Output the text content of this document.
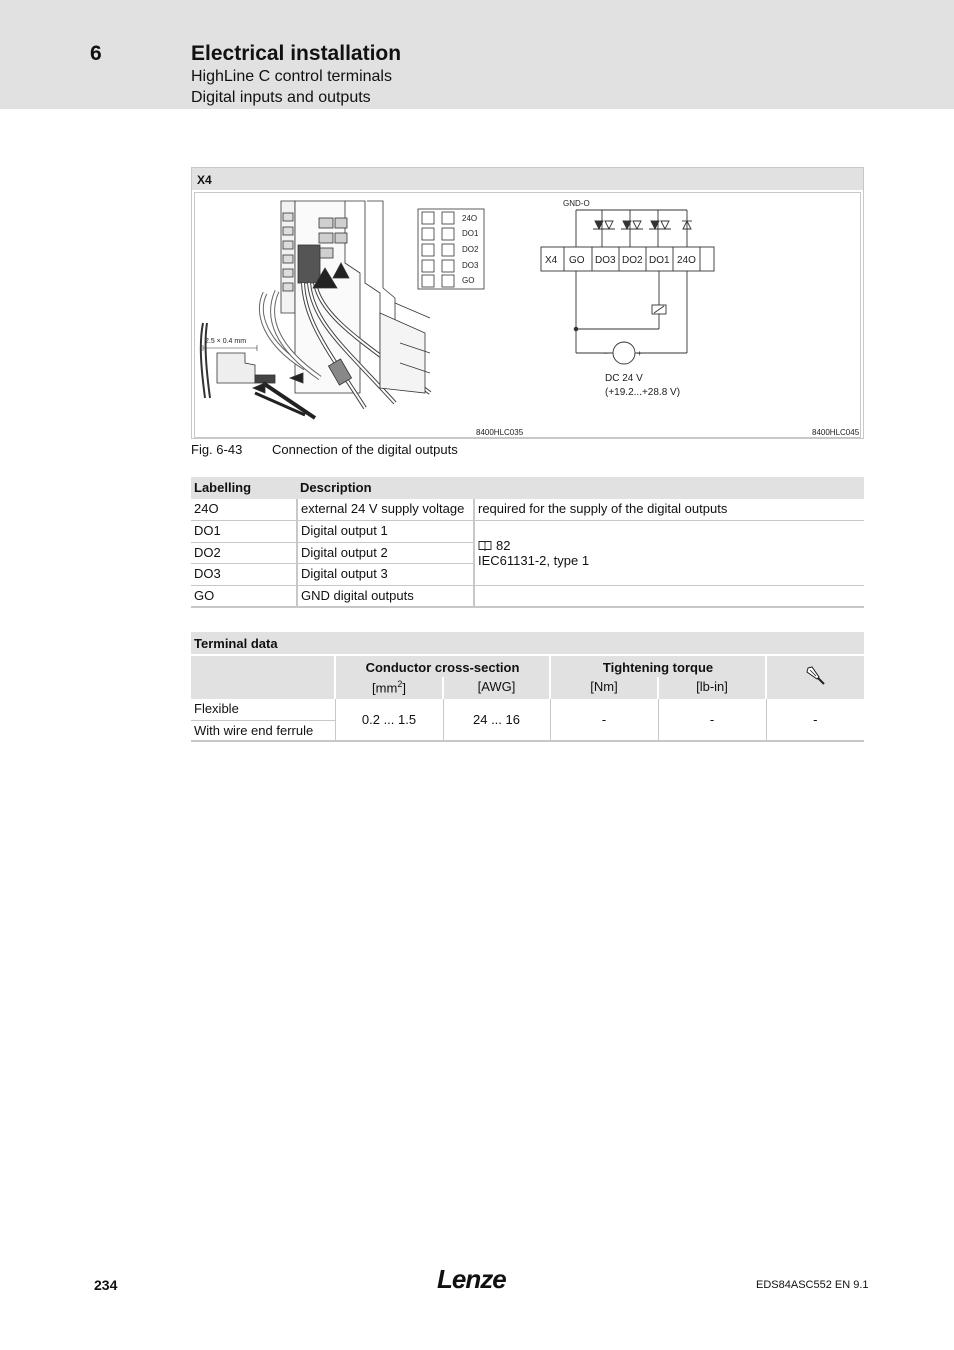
6	Electrical installation
HighLine C control terminals
Digital inputs and outputs
X4
2.5 × 0.4 mm
24O
DO1
DO2
DO3
GO
GND-O
X4 GO DO3 DO2 DO1 24O
−	+
DC 24 V
(+19.2...+28.8 V)
8400HLC035	8400HLC045
Fig. 6-43 Connection of the digital outputs
Labelling	Description	
24O	external 24 V supply voltage	required for the supply of the digital outputs
DO1	Digital output 1	82
IEC61131-2, type 1

DO2	Digital output 2	
DO3	Digital output 3	
GO	GND digital outputs	
Terminal data					
	Conductor cross-section		Tightening torque	
	$[mm^2]$	[AWG]	[Nm]	[lb-in]	
Flexible	0.2 ... 1.5	24 ... 16	-	-	-
With wire end ferrule					
234	Lenze	EDS84ASC552 EN 9.1
